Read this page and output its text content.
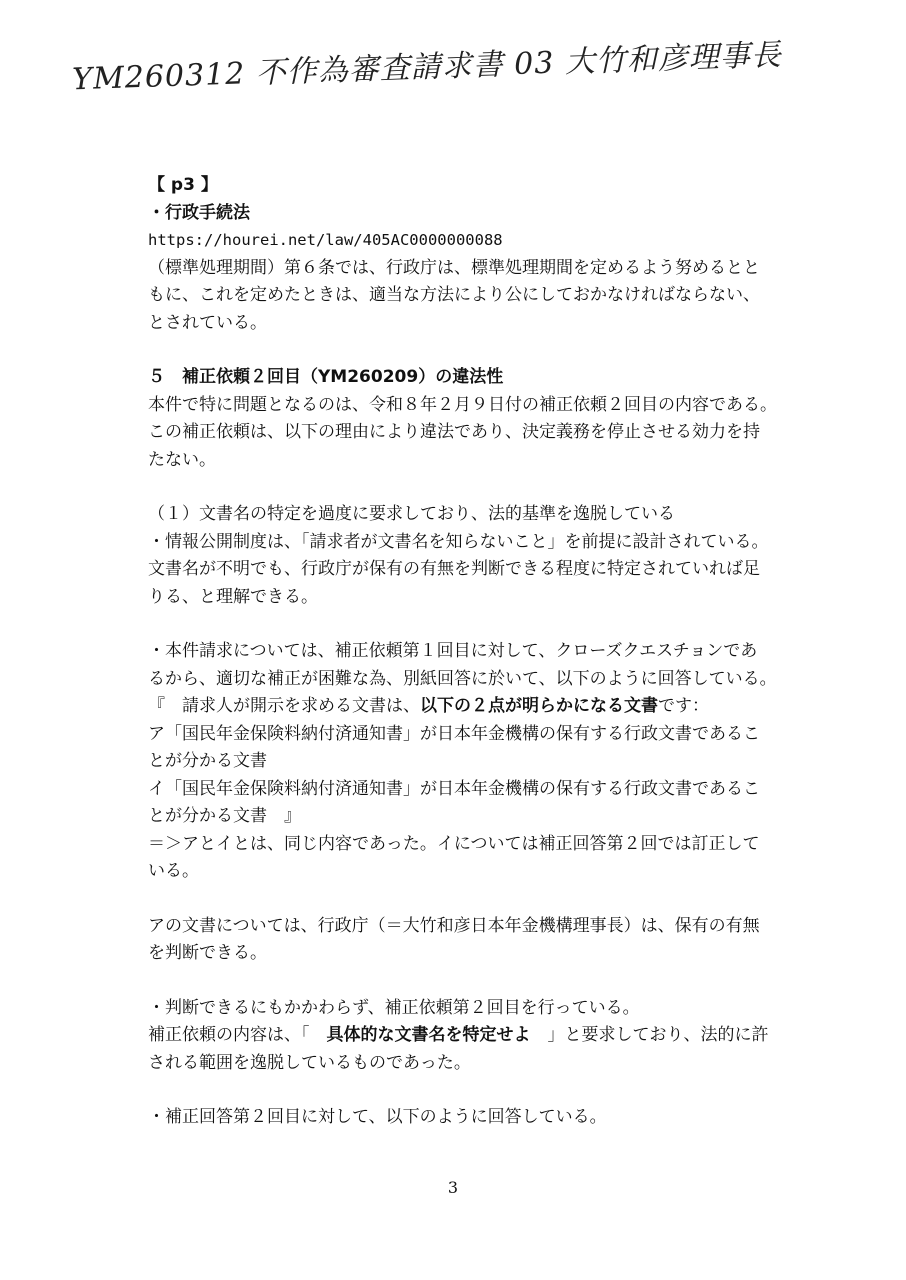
YM260312 不作為審査請求書 03 大竹和彦理事長
【 p3 】
・行政手続法
https://hourei.net/law/405AC0000000088
（標準処理期間）第６条では、行政庁は、標準処理期間を定めるよう努めるとと
もに、これを定めたときは、適当な方法により公にしておかなければならない、
とされている。
５　補正依頼２回目（YM260209）の違法性
本件で特に問題となるのは、令和８年２月９日付の補正依頼２回目の内容である。
この補正依頼は、以下の理由により違法であり、決定義務を停止させる効力を持
たない。
（１）文書名の特定を過度に要求しており、法的基準を逸脱している
・情報公開制度は、「請求者が文書名を知らないこと」を前提に設計されている。
文書名が不明でも、行政庁が保有の有無を判断できる程度に特定されていれば足
りる、と理解できる。
・本件請求については、補正依頼第１回目に対して、クローズクエスチョンであ
るから、適切な補正が困難な為、別紙回答に於いて、以下のように回答している。
『　請求人が開示を求める文書は、以下の２点が明らかになる文書です：
ア「国民年金保険料納付済通知書」が日本年金機構の保有する行政文書であるこ
とが分かる文書
イ「国民年金保険料納付済通知書」が日本年金機構の保有する行政文書であるこ
とが分かる文書　』
＝＞アとイとは、同じ内容であった。イについては補正回答第２回では訂正して
いる。
アの文書については、行政庁（＝大竹和彦日本年金機構理事長）は、保有の有無
を判断できる。
・判断できるにもかかわらず、補正依頼第２回目を行っている。
補正依頼の内容は、「　具体的な文書名を特定せよ　」と要求しており、法的に許
される範囲を逸脱しているものであった。
・補正回答第２回目に対して、以下のように回答している。
3
